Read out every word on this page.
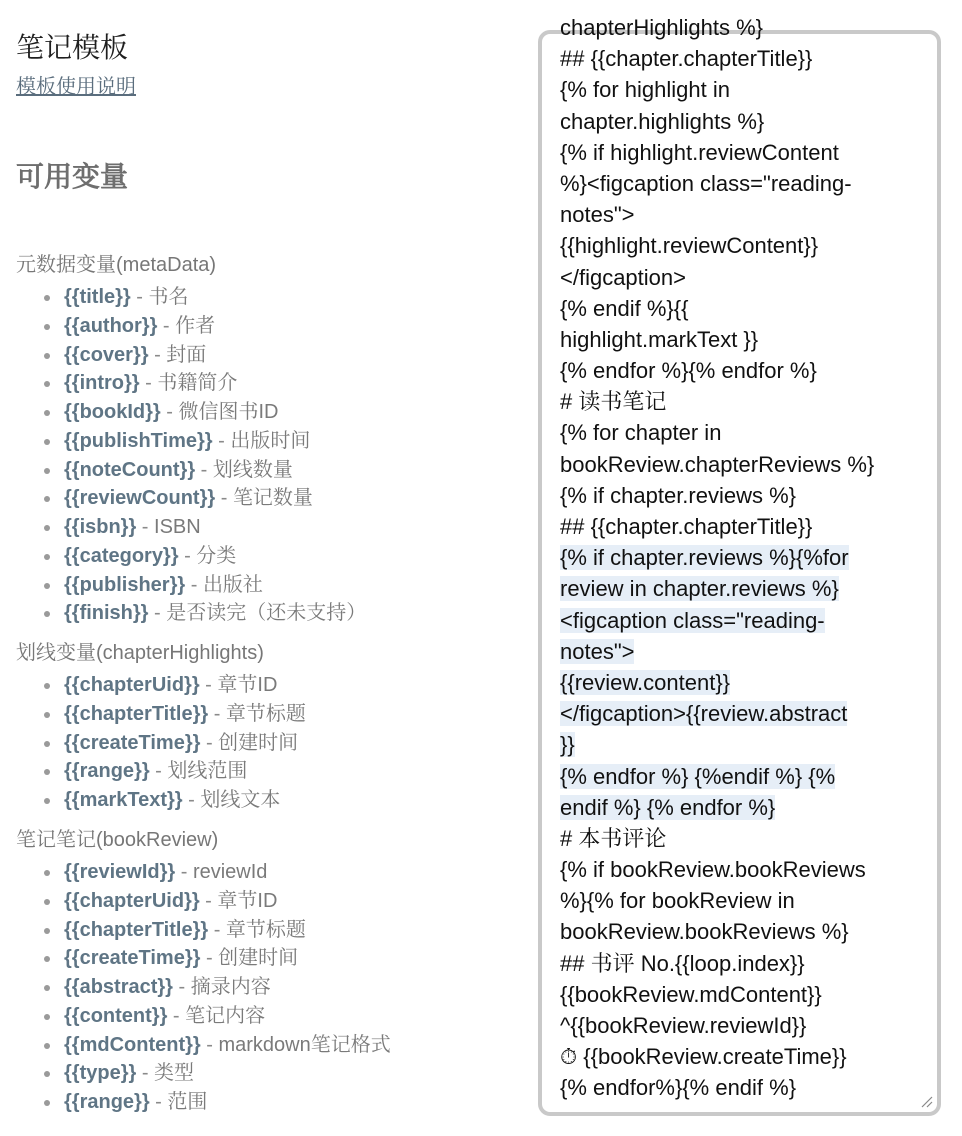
笔记模板
模板使用说明
可用变量
元数据变量(metaData)
{{title}} - 书名
{{author}} - 作者
{{cover}} - 封面
{{intro}} - 书籍简介
{{bookId}} - 微信图书ID
{{publishTime}} - 出版时间
{{noteCount}} - 划线数量
{{reviewCount}} - 笔记数量
{{isbn}} - ISBN
{{category}} - 分类
{{publisher}} - 出版社
{{finish}} - 是否读完（还未支持）
划线变量(chapterHighlights)
{{chapterUid}} - 章节ID
{{chapterTitle}} - 章节标题
{{createTime}} - 创建时间
{{range}} - 划线范围
{{markText}} - 划线文本
笔记笔记(bookReview)
{{reviewId}} - reviewId
{{chapterUid}} - 章节ID
{{chapterTitle}} - 章节标题
{{createTime}} - 创建时间
{{abstract}} - 摘录内容
{{content}} - 笔记内容
{{mdContent}} - markdown笔记格式
{{type}} - 类型
{{range}} - 范围
chapterHighlights %}
## {{chapter.chapterTitle}}
{% for highlight in
chapter.highlights %}
{% if highlight.reviewContent
%}<figcaption class="reading-
notes">
{{highlight.reviewContent}}
</figcaption>
{% endif %}{{
highlight.markText }}
{% endfor %}{% endfor %}
# 读书笔记
{% for chapter in
bookReview.chapterReviews %}
{% if chapter.reviews %}
## {{chapter.chapterTitle}}
{% if chapter.reviews %}{%for
review in chapter.reviews %}
<figcaption class="reading-
notes">
{{review.content}}
</figcaption>{{review.abstract
}}
{% endfor %} {%endif %} {%
endif %} {% endfor %}
# 本书评论
{% if bookReview.bookReviews
%}{% for bookReview in
bookReview.bookReviews %}
## 书评 No.{{loop.index}}
{{bookReview.mdContent}}
^{{bookReview.reviewId}}
⏱ {{bookReview.createTime}}
{% endfor%}{% endif %}
